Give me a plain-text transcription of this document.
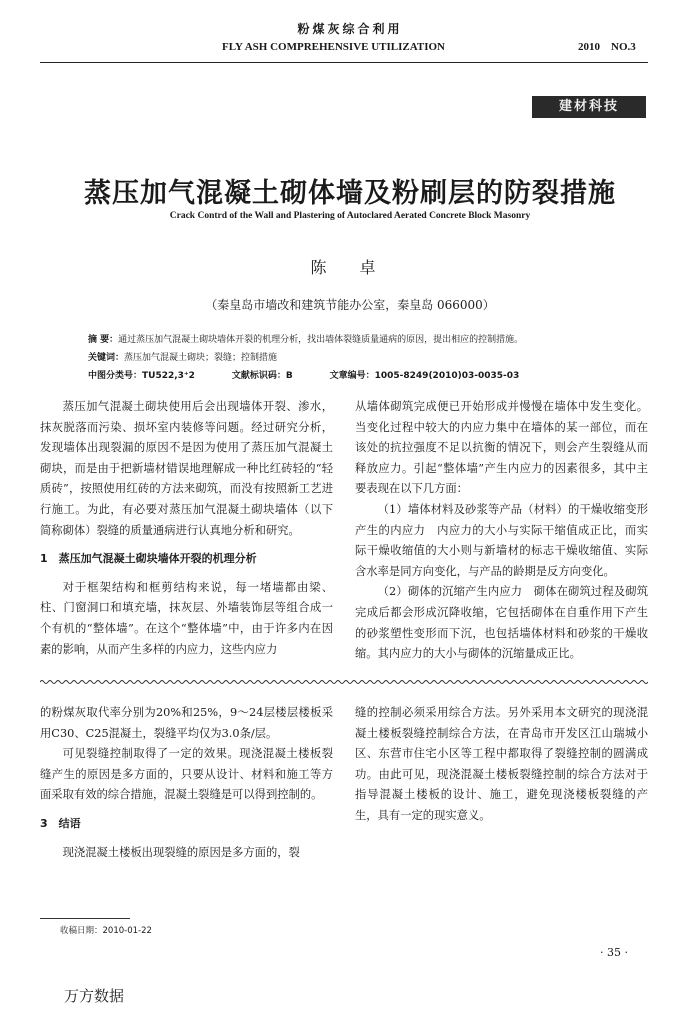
粉煤灰综合利用
FLY ASH COMPREHENSIVE UTILIZATION	2010    NO.3
建材科技
蒸压加气混凝土砌体墙及粉刷层的防裂措施
Crack Contrd of the Wall and Plastering of Autoclared Aerated Concrete Block Masonry
陈 卓
（秦皇岛市墙改和建筑节能办公室，秦皇岛 066000）
摘 要：通过蒸压加气混凝土砌块墙体开裂的机理分析，找出墙体裂缝质量通病的原因，提出相应的控制措施。
关键词：蒸压加气混凝土砌块；裂缝；控制措施
中图分类号：TU522,3⁺2	文献标识码：B	文章编号：1005-8249(2010)03-0035-03

蒸压加气混凝土砌块使用后会出现墙体开裂、渗水，抹灰脱落而污染、损坏室内装修等问题。经过研究分析，发现墙体出现裂漏的原因不是因为使用了蒸压加气混凝土砌块，而是由于把新墙材错误地理解成一种比红砖轻的“轻质砖”，按照使用红砖的方法来砌筑，而没有按照新工艺进行施工。为此，有必要对蒸压加气混凝土砌块墙体（以下简称砌体）裂缝的质量通病进行认真地分析和研究。

1　蒸压加气混凝土砌块墙体开裂的机理分析

对于框架结构和框剪结构来说，每一堵墙都由梁、柱、门窗洞口和填充墙，抹灰层、外墙装饰层等组合成一个有机的“整体墙”。在这个“整体墙”中，由于许多内在因素的影响，从而产生多样的内应力，这些内应力

从墙体砌筑完成便已开始形成并慢慢在墙体中发生变化。当变化过程中较大的内应力集中在墙体的某一部位，而在该处的抗拉强度不足以抗衡的情况下，则会产生裂缝从而释放应力。引起“整体墙”产生内应力的因素很多，其中主要表现在以下几方面：

（1）墙体材料及砂浆等产品（材料）的干燥收缩变形产生的内应力　内应力的大小与实际干缩值成正比，而实际干燥收缩值的大小则与新墙材的标志干燥收缩值、实际含水率是同方向变化，与产品的龄期是反方向变化。

（2）砌体的沉缩产生内应力　砌体在砌筑过程及砌筑完成后都会形成沉降收缩，它包括砌体在自重作用下产生的砂浆塑性变形而下沉，也包括墙体材料和砂浆的干燥收缩。其内应力的大小与砌体的沉缩量成正比。

的粉煤灰取代率分别为20%和25%，9～24层楼层楼板采用C30、C25混凝土，裂缝平均仅为3.0条/层。

可见裂缝控制取得了一定的效果。现浇混凝土楼板裂缝产生的原因是多方面的，只要从设计、材料和施工等方面采取有效的综合措施，混凝土裂缝是可以得到控制的。

3　结语

现浇混凝土楼板出现裂缝的原因是多方面的，裂

缝的控制必须采用综合方法。另外采用本文研究的现浇混凝土楼板裂缝控制综合方法，在青岛市开发区江山瑞城小区、东营市住宅小区等工程中都取得了裂缝控制的圆满成功。由此可见，现浇混凝土楼板裂缝控制的综合方法对于指导混凝土楼板的设计、施工，避免现浇楼板裂缝的产生，具有一定的现实意义。

收稿日期：2010-01-22
· 35 ·
万方数据
